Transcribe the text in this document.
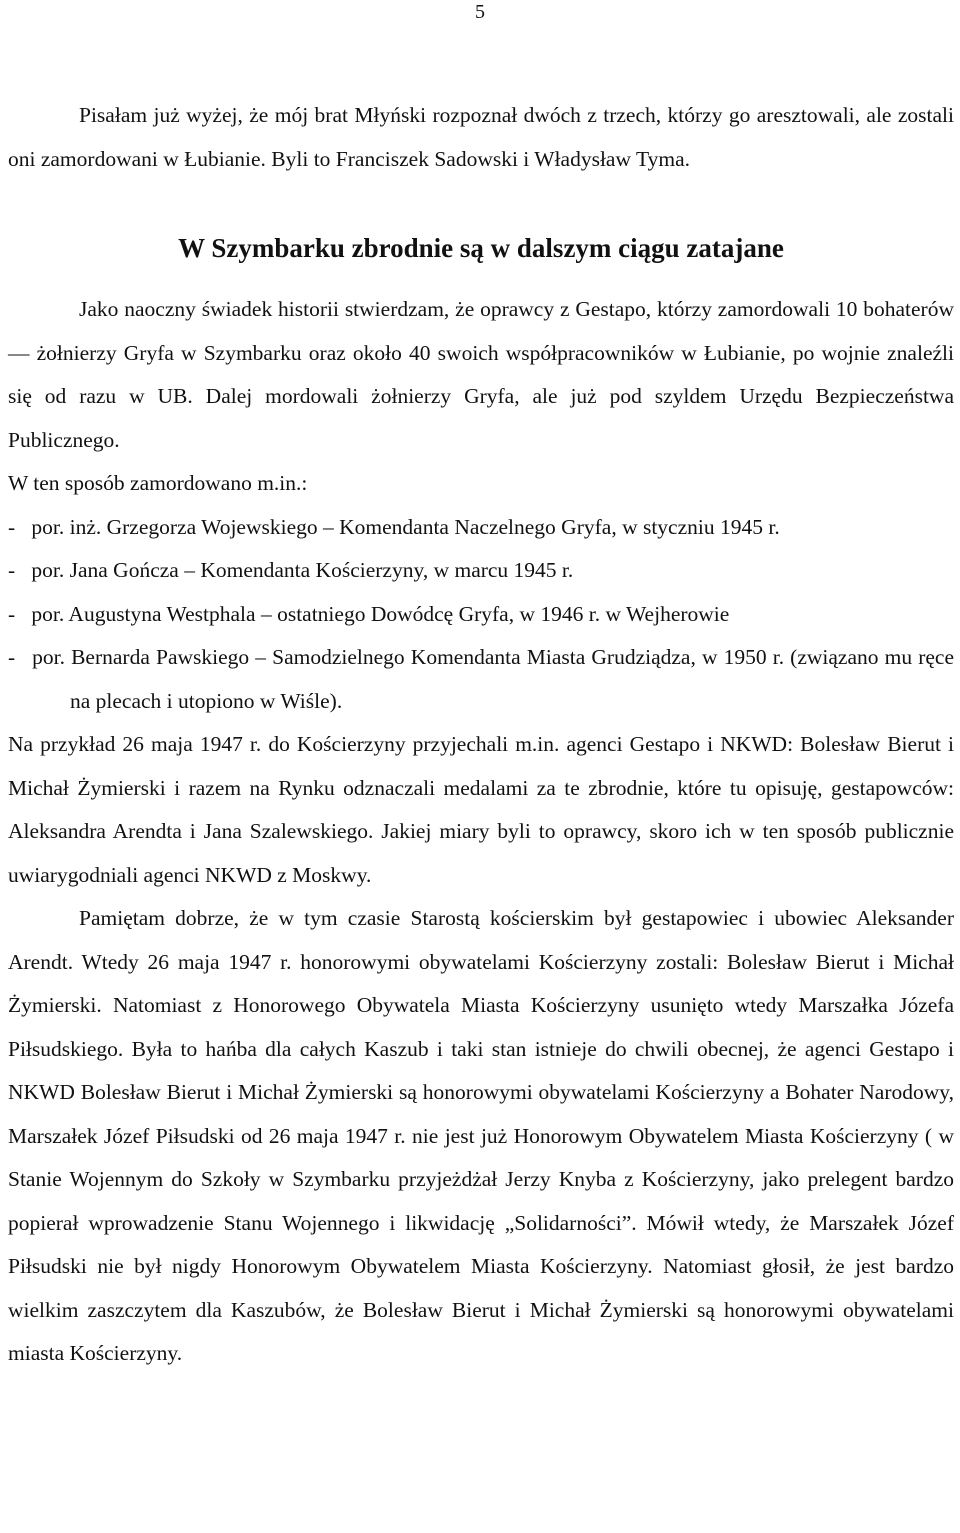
5

Pisałam już wyżej, że mój brat Młyński rozpoznał dwóch z trzech, którzy go aresztowali, ale zostali oni zamordowani w Łubianie. Byli to Franciszek Sadowski i Władysław Tyma.

W Szymbarku zbrodnie są w dalszym ciągu zatajane

Jako naoczny świadek historii stwierdzam, że oprawcy z Gestapo, którzy zamordowali 10 bohaterów — żołnierzy Gryfa w Szymbarku oraz około 40 swoich współpracowników w Łubianie, po wojnie znaleźli się od razu w UB. Dalej mordowali żołnierzy Gryfa, ale już pod szyldem Urzędu Bezpieczeństwa Publicznego.

W ten sposób zamordowano m.in.:

- por. inż. Grzegorza Wojewskiego – Komendanta Naczelnego Gryfa, w styczniu 1945 r.
- por. Jana Gończa – Komendanta Kościerzyny, w marcu 1945 r.
- por. Augustyna Westphala – ostatniego Dowódcę Gryfa, w 1946 r. w Wejherowie
- por. Bernarda Pawskiego – Samodzielnego Komendanta Miasta Grudziądza, w 1950 r. (związano mu ręce na plecach i utopiono w Wiśle).

Na przykład 26 maja 1947 r. do Kościerzyny przyjechali m.in. agenci Gestapo i NKWD: Bolesław Bierut i Michał Żymierski i razem na Rynku odznaczali medalami za te zbrodnie, które tu opisuję, gestapowców: Aleksandra Arendta i Jana Szalewskiego. Jakiej miary byli to oprawcy, skoro ich w ten sposób publicznie uwiarygodniali agenci NKWD z Moskwy.

Pamiętam dobrze, że w tym czasie Starostą kościerskim był gestapowiec i ubowiec Aleksander Arendt. Wtedy 26 maja 1947 r. honorowymi obywatelami Kościerzyny zostali: Bolesław Bierut i Michał Żymierski. Natomiast z Honorowego Obywatela Miasta Kościerzyny usunięto wtedy Marszałka Józefa Piłsudskiego. Była to hańba dla całych Kaszub i taki stan istnieje do chwili obecnej, że agenci Gestapo i NKWD Bolesław Bierut i Michał Żymierski są honorowymi obywatelami Kościerzyny a Bohater Narodowy, Marszałek Józef Piłsudski od 26 maja 1947 r. nie jest już Honorowym Obywatelem Miasta Kościerzyny ( w Stanie Wojennym do Szkoły w Szymbarku przyjeżdżał Jerzy Knyba z Kościerzyny, jako prelegent bardzo popierał wprowadzenie Stanu Wojennego i likwidację „Solidarności”. Mówił wtedy, że Marszałek Józef Piłsudski nie był nigdy Honorowym Obywatelem Miasta Kościerzyny. Natomiast głosił, że jest bardzo wielkim zaszczytem dla Kaszubów, że Bolesław Bierut i Michał Żymierski są honorowymi obywatelami miasta Kościerzyny.
